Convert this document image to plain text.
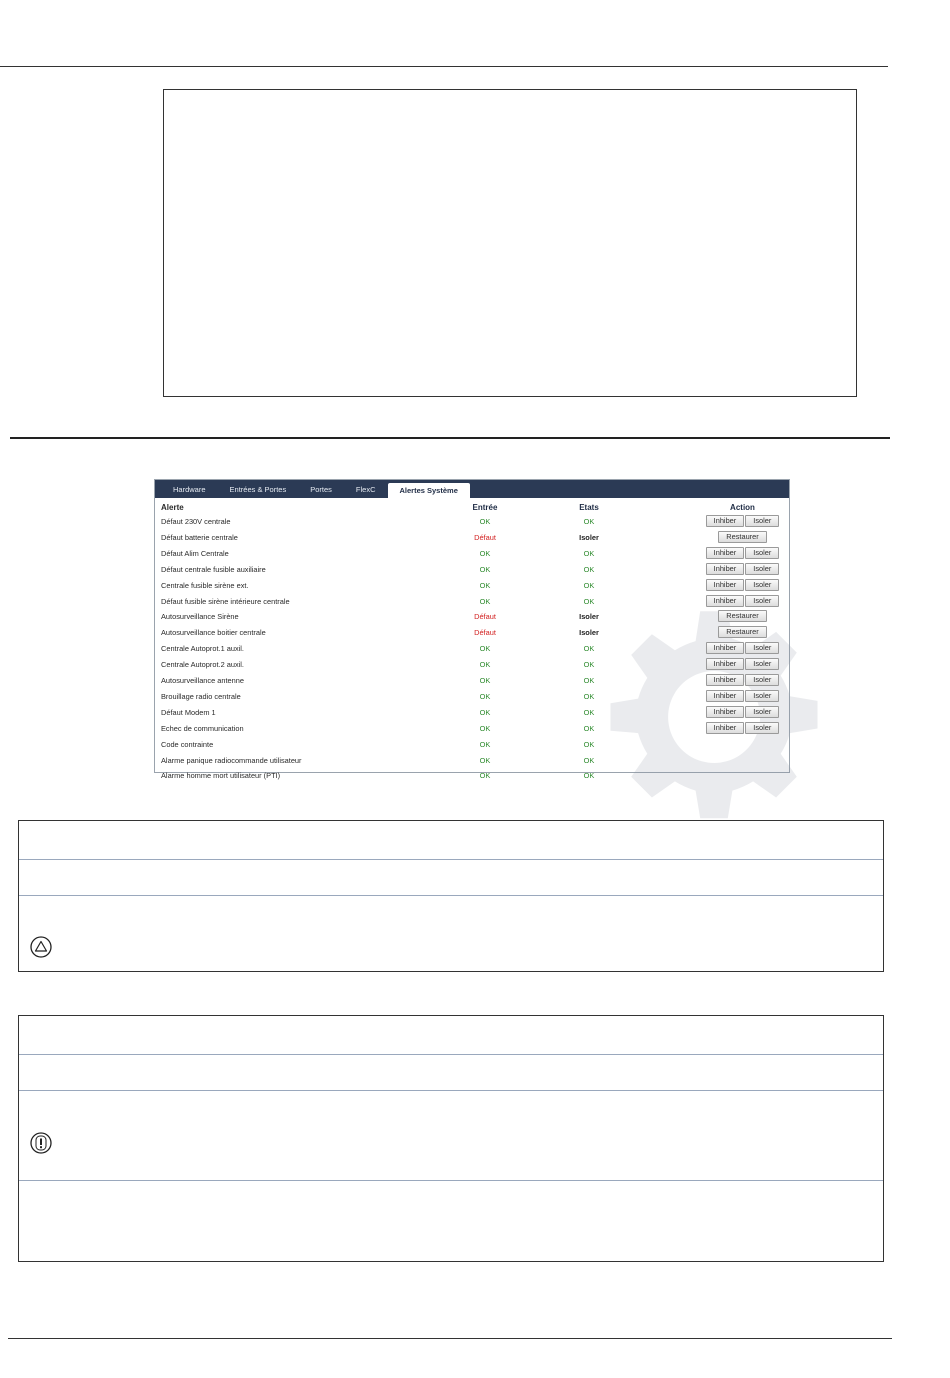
Hardware	Entrées & Portes	Portes	FlexC	Alertes Système
Alerte	Entrée	Etats	Action
Défaut 230V centrale	OK	OK	Inhiber	Isoler
Défaut batterie centrale	Défaut	Isoler	Restaurer
Défaut Alim Centrale	OK	OK	Inhiber	Isoler
Défaut centrale fusible auxiliaire	OK	OK	Inhiber	Isoler
Centrale fusible sirène ext.	OK	OK	Inhiber	Isoler
Défaut fusible sirène intérieure centrale	OK	OK	Inhiber	Isoler
Autosurveillance Sirène	Défaut	Isoler	Restaurer
Autosurveillance boitier centrale	Défaut	Isoler	Restaurer
Centrale Autoprot.1 auxil.	OK	OK	Inhiber	Isoler
Centrale Autoprot.2 auxil.	OK	OK	Inhiber	Isoler
Autosurveillance antenne	OK	OK	Inhiber	Isoler
Brouillage radio centrale	OK	OK	Inhiber	Isoler
Défaut Modem 1	OK	OK	Inhiber	Isoler
Echec de communication	OK	OK	Inhiber	Isoler
Code contrainte	OK	OK
Alarme panique radiocommande utilisateur	OK	OK
Alarme homme mort utilisateur (PTI)	OK	OK
